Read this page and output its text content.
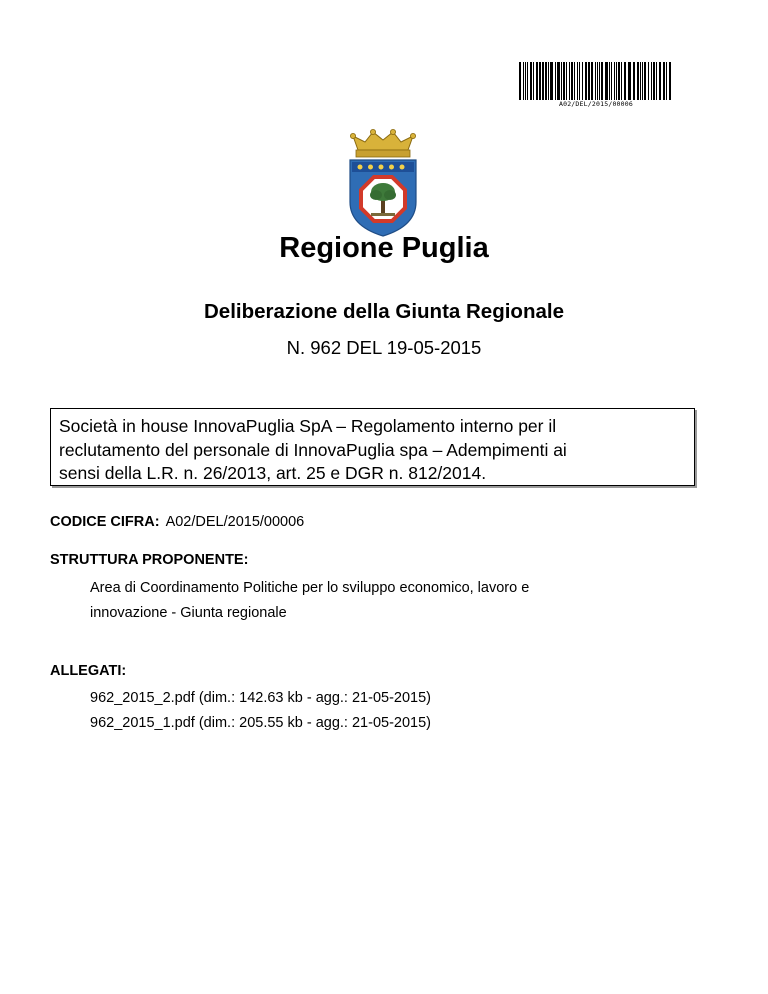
A02/DEL/2015/00006
Regione Puglia
Deliberazione della Giunta Regionale
N. 962 DEL 19-05-2015
Società in house InnovaPuglia SpA – Regolamento interno per il
reclutamento del personale di InnovaPuglia spa – Adempimenti ai
sensi della L.R. n. 26/2013, art. 25 e DGR n. 812/2014.
CODICE CIFRA: A02/DEL/2015/00006
STRUTTURA PROPONENTE:
Area di Coordinamento Politiche per lo sviluppo economico, lavoro e
innovazione - Giunta regionale
ALLEGATI:
962_2015_2.pdf (dim.: 142.63 kb - agg.: 21-05-2015)
962_2015_1.pdf (dim.: 205.55 kb - agg.: 21-05-2015)
